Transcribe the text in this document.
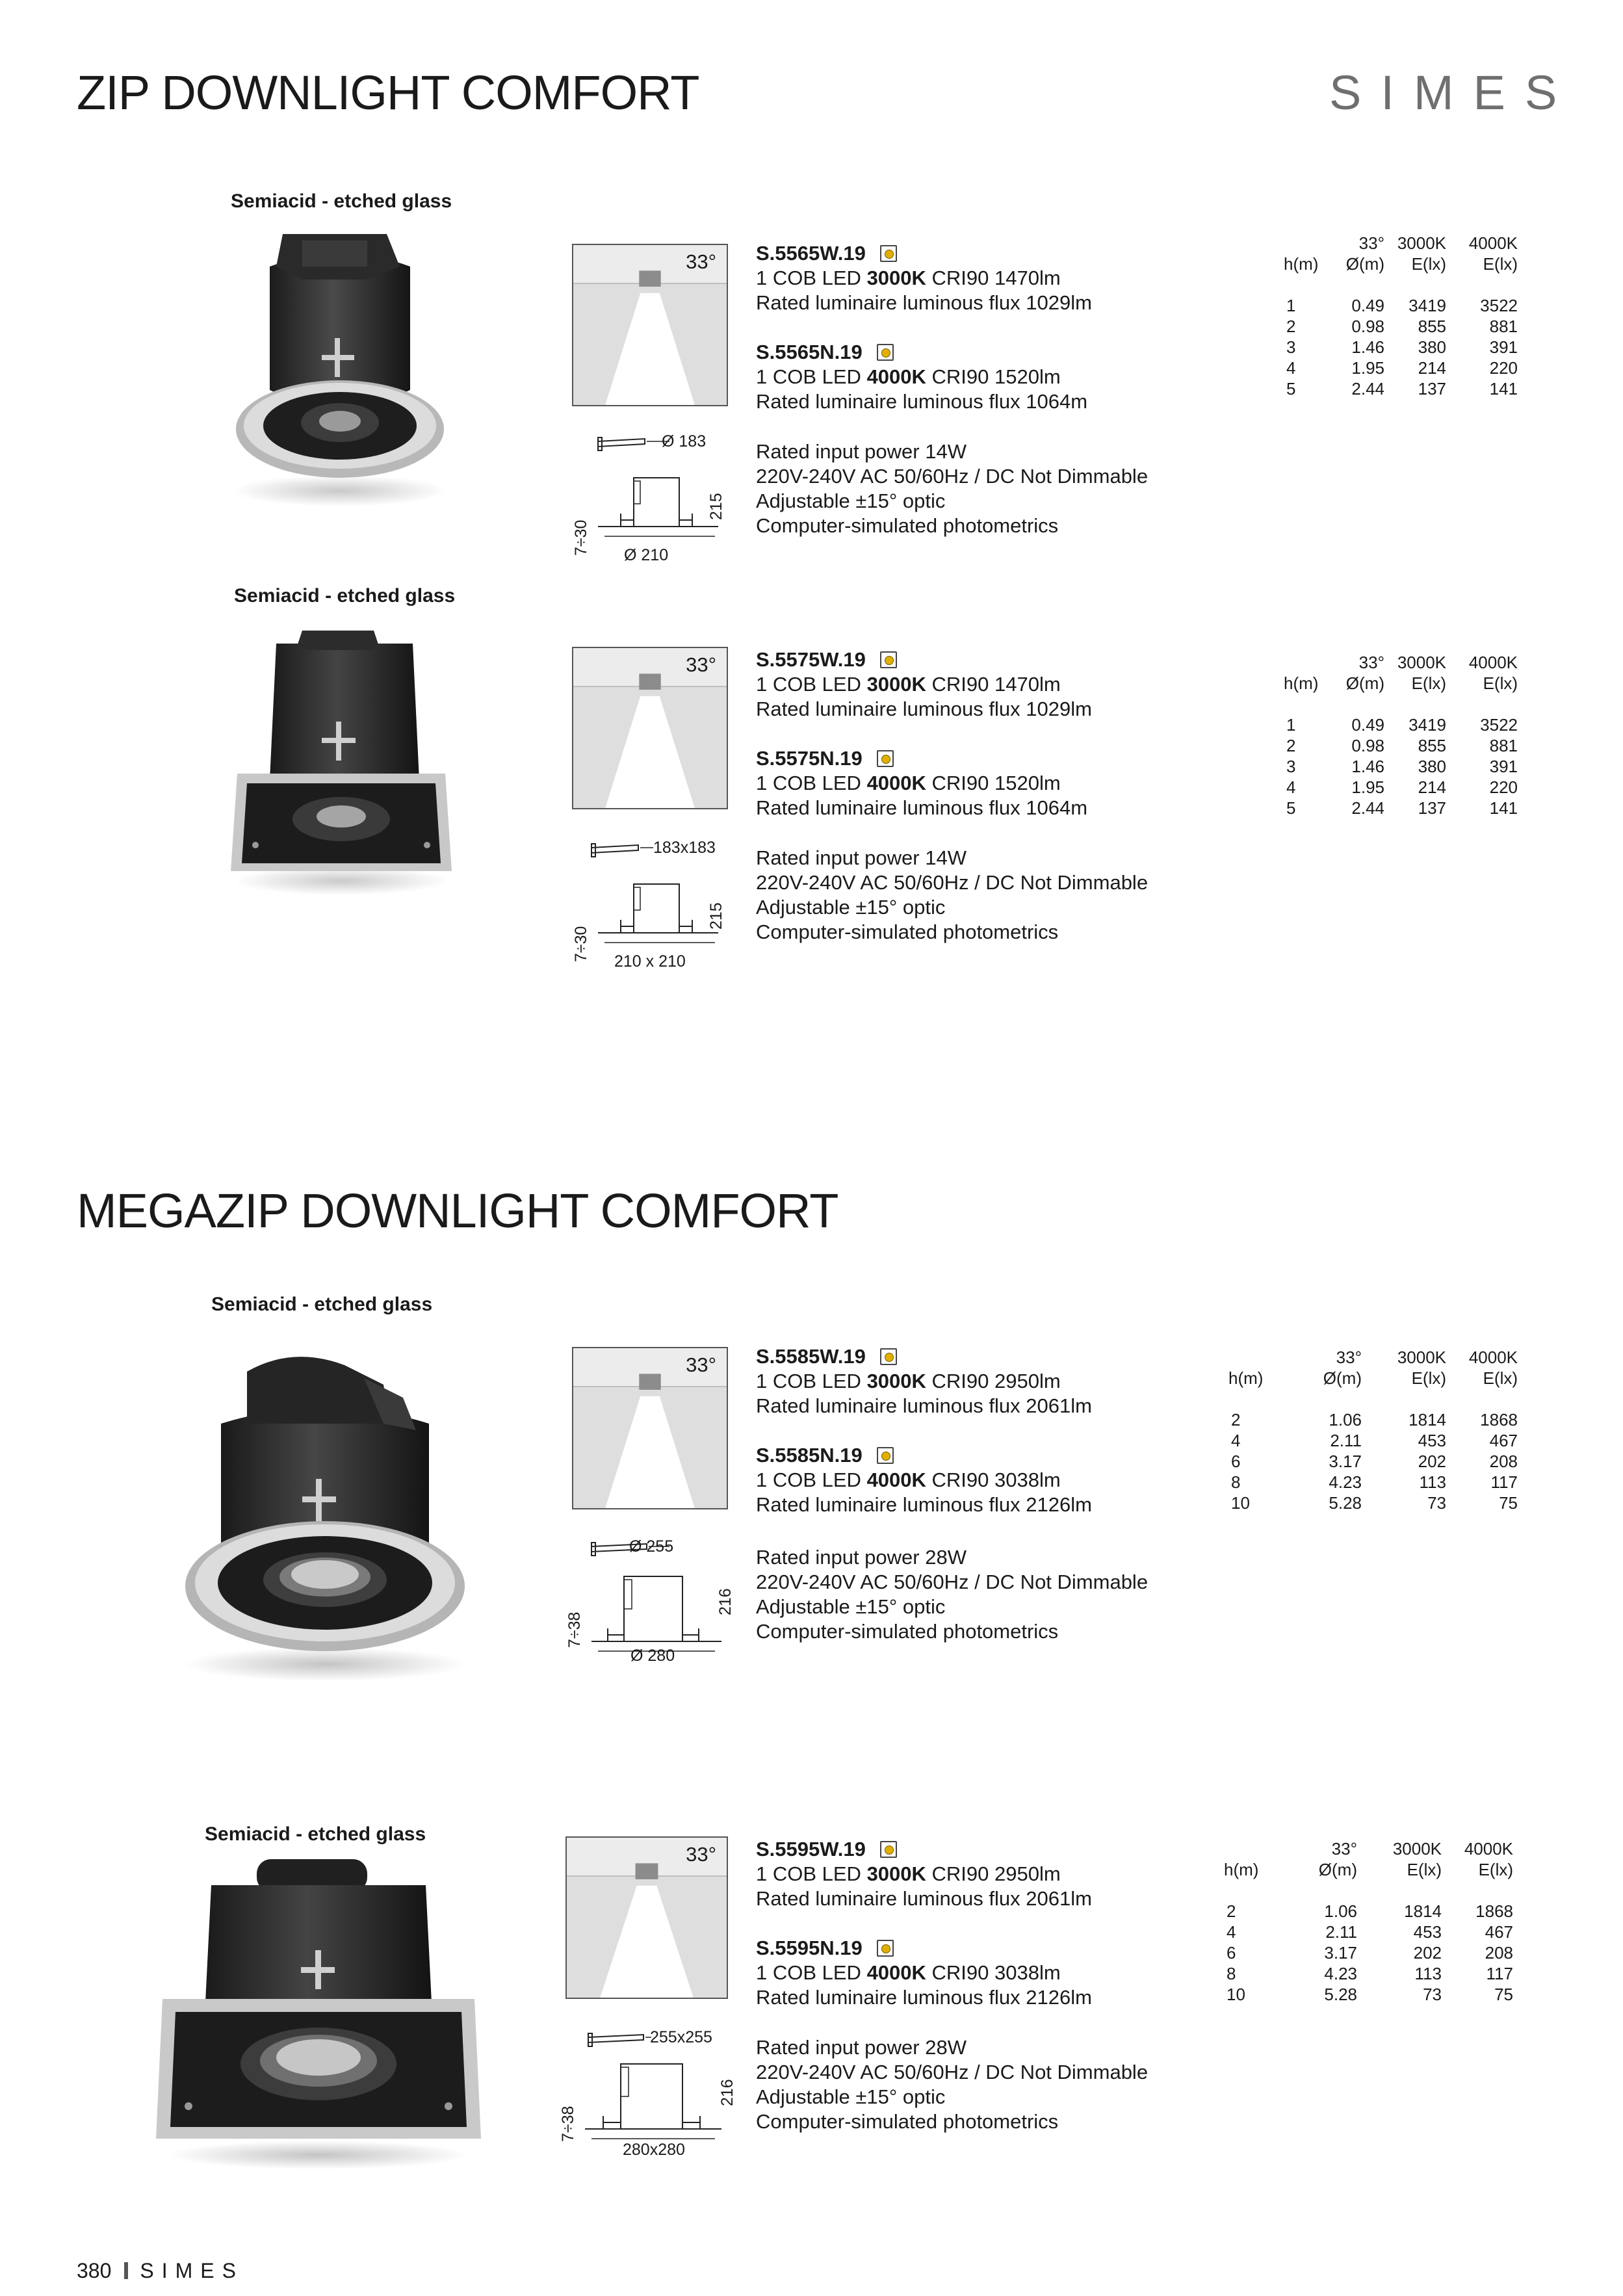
ZIP DOWNLIGHT COMFORT	SIMES
MEGAZIP DOWNLIGHT COMFORT
Semiacid - etched glass
33°
Ø 183
215
7÷30 Ø 210
S.5565W.19
1 COB LED 3000K CRI90 1470lm
Rated luminaire luminous flux 1029lm
S.5565N.19
1 COB LED 4000K CRI90 1520lm
Rated luminaire luminous flux 1064m
Rated input power 14W
220V-240V AC 50/60Hz / DC Not Dimmable
Adjustable ±15° optic
Computer-simulated photometrics
33° 3000K 4000K
h(m) Ø(m) E(lx) E(lx)
1	0.49 3419 3522
2	0.98 855	881
3	1.46 380	391
4	1.95 214	220
5	2.44 137	141
Semiacid - etched glass
33°
183x183
215
7÷30 210 x 210
S.5575W.19
1 COB LED 3000K CRI90 1470lm
Rated luminaire luminous flux 1029lm
S.5575N.19
1 COB LED 4000K CRI90 1520lm
Rated luminaire luminous flux 1064m
Rated input power 14W
220V-240V AC 50/60Hz / DC Not Dimmable
Adjustable ±15° optic
Computer-simulated photometrics
33° 3000K 4000K
h(m) Ø(m) E(lx) E(lx)
1	0.49 3419 3522
2	0.98 855	881
3	1.46 380	391
4	1.95 214	220
5	2.44 137	141
Semiacid - etched glass
33°
Ø 255
216
7÷38
Ø 280
S.5585W.19
1 COB LED 3000K CRI90 2950lm
Rated luminaire luminous flux 2061lm
S.5585N.19
1 COB LED 4000K CRI90 3038lm
Rated luminaire luminous flux 2126lm
Rated input power 28W
220V-240V AC 50/60Hz / DC Not Dimmable
Adjustable ±15° optic
Computer-simulated photometrics
33° 3000K 4000K
h(m)	Ø(m)	E(lx) E(lx)
2	1.06	1814 1868
4	2.11	453	467
6	3.17	202	208
8	4.23	113	117
10	5.28	73	75
Semiacid - etched glass
33°
255x255
216
7÷38
280x280
S.5595W.19
1 COB LED 3000K CRI90 2950lm
Rated luminaire luminous flux 2061lm
S.5595N.19
1 COB LED 4000K CRI90 3038lm
Rated luminaire luminous flux 2126lm
Rated input power 28W
220V-240V AC 50/60Hz / DC Not Dimmable
Adjustable ±15° optic
Computer-simulated photometrics
33° 3000K 4000K
h(m)	Ø(m)	E(lx) E(lx)
2	1.06	1814 1868
4	2.11	453	467
6	3.17	202	208
8	4.23	113	117
10	5.28	73	75
380 SIMES
